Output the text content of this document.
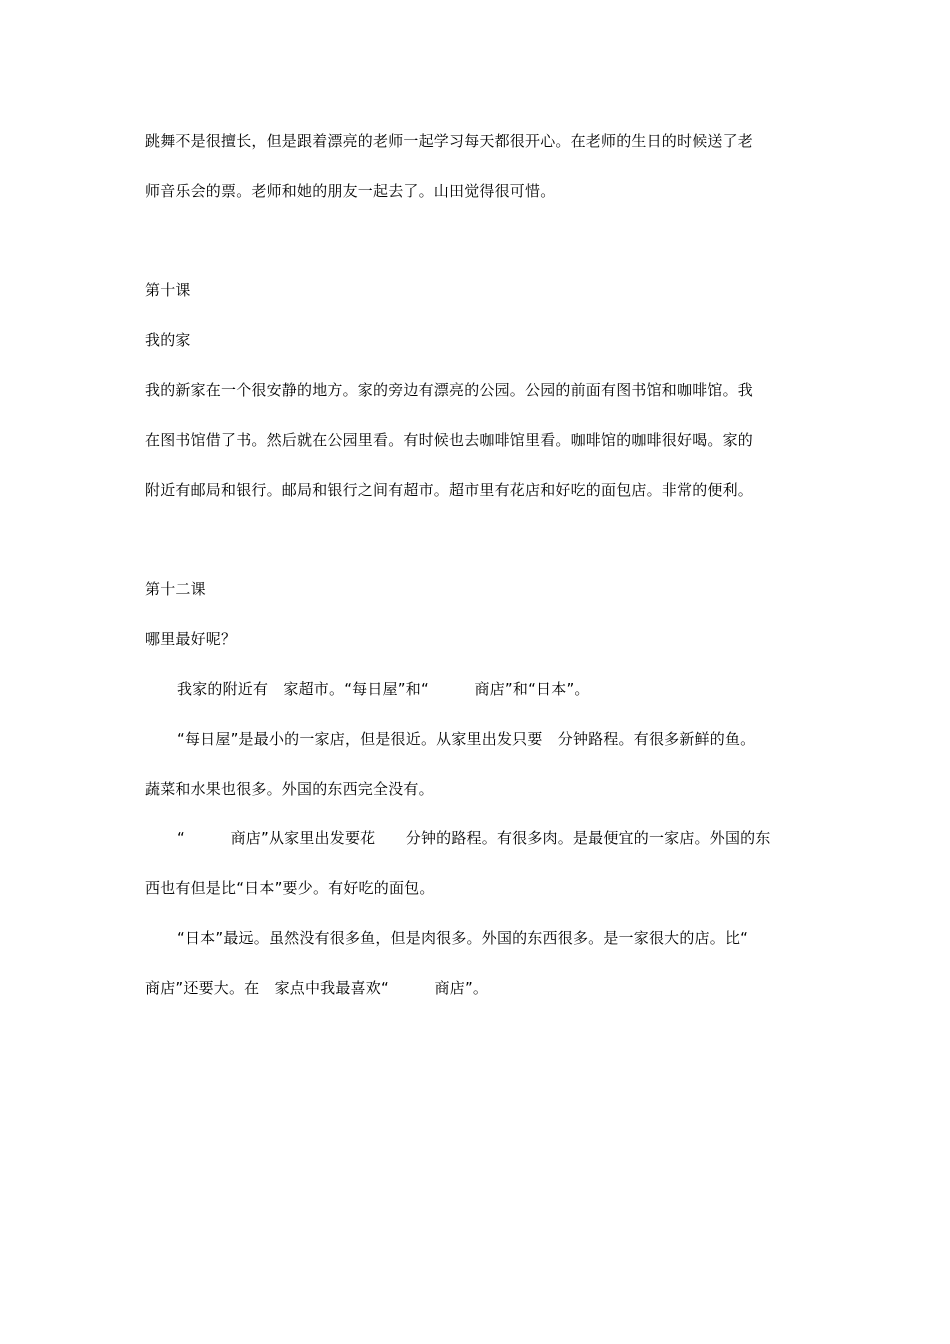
跳舞不是很擅长，但是跟着漂亮的老师一起学习每天都很开心。在老师的生日的时候送了老
师音乐会的票。老师和她的朋友一起去了。山田觉得很可惜。
第十课
我的家
我的新家在一个很安静的地方。家的旁边有漂亮的公园。公园的前面有图书馆和咖啡馆。我
在图书馆借了书。然后就在公园里看。有时候也去咖啡馆里看。咖啡馆的咖啡很好喝。家的
附近有邮局和银行。邮局和银行之间有超市。超市里有花店和好吃的面包店。非常的便利。
第十二课
哪里最好呢？
我家的附近有　家超市。“每日屋”和“　　　商店”和“日本”。
“每日屋”是最小的一家店，但是很近。从家里出发只要　分钟路程。有很多新鲜的鱼。
蔬菜和水果也很多。外国的东西完全没有。
“　　　商店”从家里出发要花　　分钟的路程。有很多肉。是最便宜的一家店。外国的东
西也有但是比“日本”要少。有好吃的面包。
“日本”最远。虽然没有很多鱼，但是肉很多。外国的东西很多。是一家很大的店。比“
商店”还要大。在　家点中我最喜欢“　　　商店”。
